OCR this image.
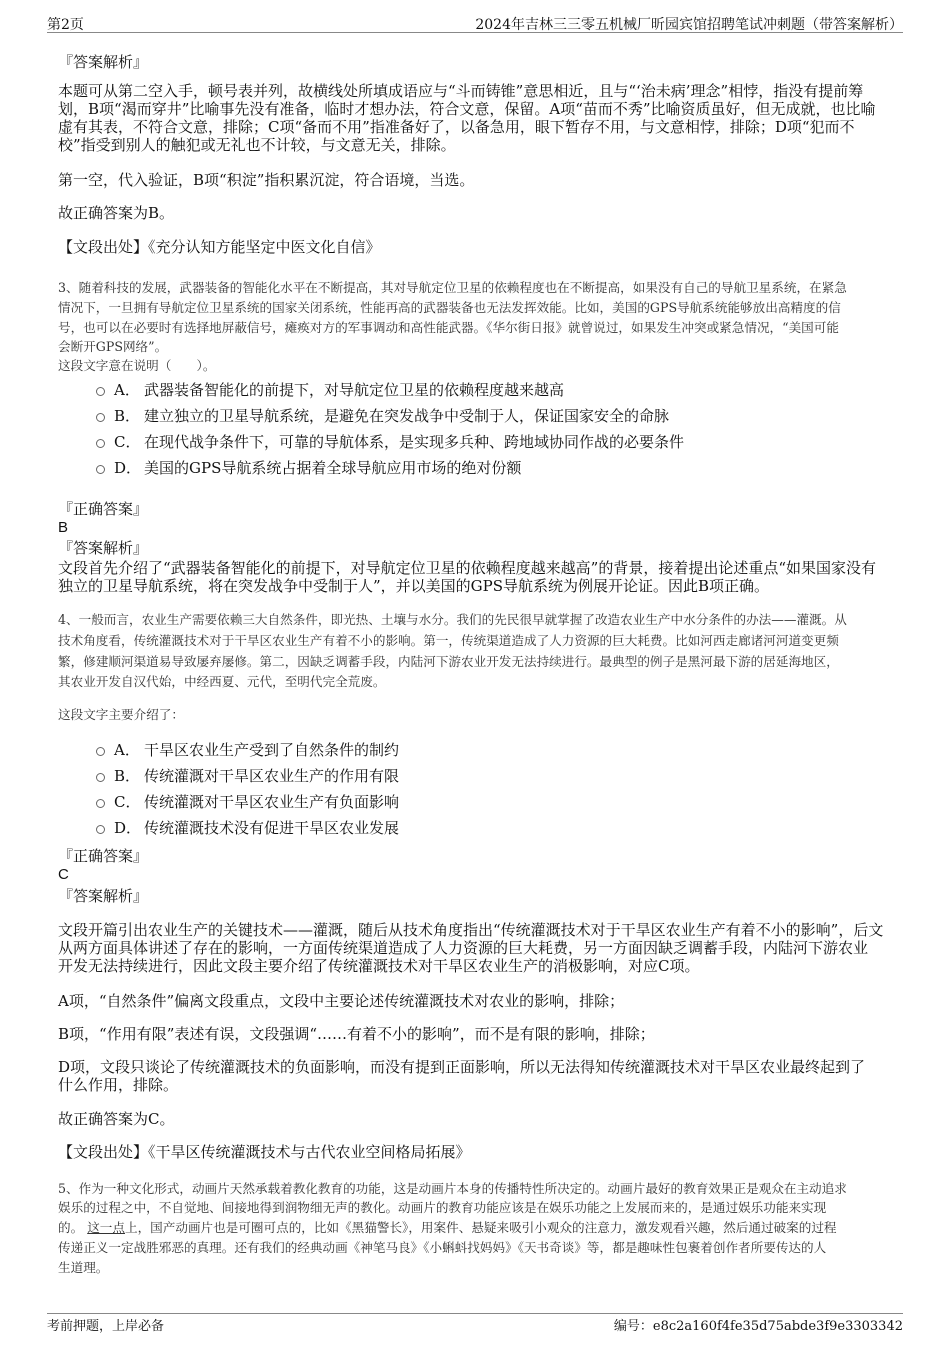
第2页	2024年吉林三三零五机械厂昕园宾馆招聘笔试冲刺题（带答案解析）
『答案解析』
本题可从第二空入手，顿号表并列，故横线处所填成语应与“斗而铸锥”意思相近，且与“‘治未病’理念”相悖，指没有提前筹
划，B项“渴而穿井”比喻事先没有准备，临时才想办法，符合文意，保留。A项“苗而不秀”比喻资质虽好，但无成就，也比喻
虚有其表，不符合文意，排除；C项“备而不用”指准备好了，以备急用，眼下暂存不用，与文意相悖，排除；D项“犯而不
校”指受到别人的触犯或无礼也不计较，与文意无关，排除。
第一空，代入验证，B项“积淀”指积累沉淀，符合语境，当选。
故正确答案为B。
【文段出处】《充分认知方能坚定中医文化自信》
3、随着科技的发展，武器装备的智能化水平在不断提高，其对导航定位卫星的依赖程度也在不断提高，如果没有自己的导航卫星系统，在紧急
情况下，一旦拥有导航定位卫星系统的国家关闭系统，性能再高的武器装备也无法发挥效能。比如，美国的GPS导航系统能够放出高精度的信
号，也可以在必要时有选择地屏蔽信号，瘫痪对方的军事调动和高性能武器。《华尔街日报》就曾说过，如果发生冲突或紧急情况，“美国可能
会断开GPS网络”。
这段文字意在说明（　　）。
A． 武器装备智能化的前提下，对导航定位卫星的依赖程度越来越高
B． 建立独立的卫星导航系统，是避免在突发战争中受制于人，保证国家安全的命脉
C． 在现代战争条件下，可靠的导航体系，是实现多兵种、跨地域协同作战的必要条件
D． 美国的GPS导航系统占据着全球导航应用市场的绝对份额
『正确答案』
B
『答案解析』
文段首先介绍了“武器装备智能化的前提下，对导航定位卫星的依赖程度越来越高”的背景，接着提出论述重点“如果国家没有
独立的卫星导航系统，将在突发战争中受制于人”，并以美国的GPS导航系统为例展开论证。因此B项正确。
4、一般而言，农业生产需要依赖三大自然条件，即光热、土壤与水分。我们的先民很早就掌握了改造农业生产中水分条件的办法——灌溉。从
技术角度看，传统灌溉技术对于干旱区农业生产有着不小的影响。第一，传统渠道造成了人力资源的巨大耗费。比如河西走廊诸河河道变更频
繁，修建顺河渠道易导致屡弃屡修。第二，因缺乏调蓄手段，内陆河下游农业开发无法持续进行。最典型的例子是黑河最下游的居延海地区，
其农业开发自汉代始，中经西夏、元代，至明代完全荒废。
这段文字主要介绍了：
A． 干旱区农业生产受到了自然条件的制约
B． 传统灌溉对干旱区农业生产的作用有限
C． 传统灌溉对干旱区农业生产有负面影响
D． 传统灌溉技术没有促进干旱区农业发展
『正确答案』
C
『答案解析』
文段开篇引出农业生产的关键技术——灌溉，随后从技术角度指出“传统灌溉技术对于干旱区农业生产有着不小的影响”，后文
从两方面具体讲述了存在的影响，一方面传统渠道造成了人力资源的巨大耗费，另一方面因缺乏调蓄手段，内陆河下游农业
开发无法持续进行，因此文段主要介绍了传统灌溉技术对干旱区农业生产的消极影响，对应C项。
A项，“自然条件”偏离文段重点，文段中主要论述传统灌溉技术对农业的影响，排除；
B项，“作用有限”表述有误，文段强调“……有着不小的影响”，而不是有限的影响，排除；
D项，文段只谈论了传统灌溉技术的负面影响，而没有提到正面影响，所以无法得知传统灌溉技术对干旱区农业最终起到了
什么作用，排除。
故正确答案为C。
【文段出处】《干旱区传统灌溉技术与古代农业空间格局拓展》
5、作为一种文化形式，动画片天然承载着教化教育的功能，这是动画片本身的传播特性所决定的。动画片最好的教育效果正是观众在主动追求
娱乐的过程之中，不自觉地、间接地得到润物细无声的教化。动画片的教育功能应该是在娱乐功能之上发展而来的，是通过娱乐功能来实现
的。 这一点上，国产动画片也是可圈可点的，比如《黑猫警长》，用案件、悬疑来吸引小观众的注意力，激发观看兴趣，然后通过破案的过程
传递正义一定战胜邪恶的真理。还有我们的经典动画《神笔马良》《小蝌蚪找妈妈》《天书奇谈》等，都是趣味性包裹着创作者所要传达的人
生道理。
考前押题，上岸必备	编号：e8c2a160f4fe35d75abde3f9e3303342
